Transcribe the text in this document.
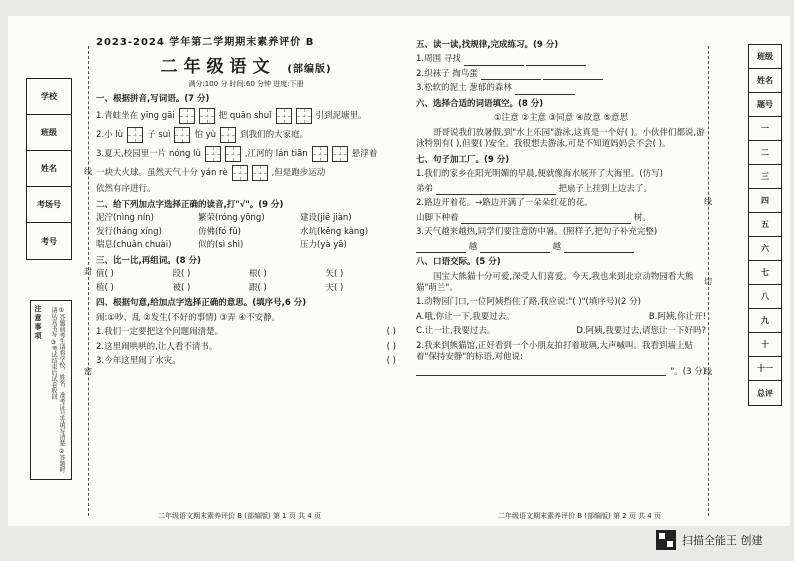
学校
班级
姓名
考场号
考号
注意事项	①答题前考生请将学校、姓名、准考证号等填写清楚 ②答题时请认真书写 ③考试结束后试卷收回
线
封
密
线
切
线
2023-2024 学年第二学期期末素养评价 B
二年级语文 (部编版)
满分:100 分 时间:60 分钟 进度:下册
一、根据拼音,写词语。(7 分)
1.青蛙坐在 yīng gāi	把 quān shuǐ	引到泥塘里。
2.小 lù	子 suì	怕 yù	到我们的大家庭。
3.夏天,校园里一片 nóng lù	,江河的 lán tiān	悬浮着
一块大火球。虽然天气十分 yán rè	,但是跑步运动
依然有序进行。
二、给下列加点字选择正确的读音,打"√"。(9 分)
泥泞(nìng nín)	繁荣(róng yōng)	建设(jiē jiàn)
发行(háng xíng)	仿佛(fó fǔ)	水坑(kēng kàng)
喘息(chuǎn chuài)	似的(sì shì)	压力(yà yā)
三、比一比,再组词。(8 分)
值( )	段( )	根( )	矢( )
植( )	被( )	跟( )	夫( )
四、根据句意,给加点字选择正确的意思。(填序号,6 分)
闹:①吵、乱 ②发生(不好的事情) ③弄 ④不安静。
1.我们一定要把这个问题闹清楚。	( )
2.这里闹哄哄的,让人看不清书。	( )
3.今年这里闹了水灾。	( )
五、读一读,找规律,完成练习。(9 分)
1.周围 寻找
2.织袜子 掏鸟蛋
3.松软的泥土 葱郁的森林
六、选择合适的词语填空。(8 分)
①注意 ②主意 ③同意 ④故意 ⑤意思
哥哥说我们放暑假,到"水上乐园"游泳,这真是一个好( )。小伙伴们都说,游泳特别有( ),但要( )安全。我很想去游泳,可是不知道妈妈会不会( )。
七、句子加工厂。(9 分)
1.我们的家乡在阳光明媚的早晨,便就像海水展开了大海里。(仿写)
弟弟	把扇子上挂到上边去了。
2.路边开着花。→路边开满了一朵朵红花的花。
山脚下种着	树。
3.天气越来越热,同学们要注意防中暑。(照样子,把句子补充完整)
越	越
八、口语交际。(5 分)
国宝大熊猫十分可爱,深受人们喜爱。今天,我也来到北京动物园看大熊猫"萌兰"。
1.动物园门口,一位阿姨挡住了路,我应说:"( )"(填序号)(2 分)
A.哦,你让一下,我要过去。	B.阿姨,你让开!
C.让一让,我要过去。	D.阿姨,我要过去,请您让一下好吗?
2.我来到熊猫馆,正好看到一个小朋友拍打着玻璃,大声喊叫。我看到墙上贴着"保持安静"的标语,对他说:
"。(3 分)
班级
姓名
题号
一
二
三
四
五
六
七
八
九
十
十一
总评
二年级语文期末素养评价 B (部编版) 第 1 页 共 4 页	二年级语文期末素养评价 B (部编版) 第 2 页 共 4 页
扫描全能王 创建
